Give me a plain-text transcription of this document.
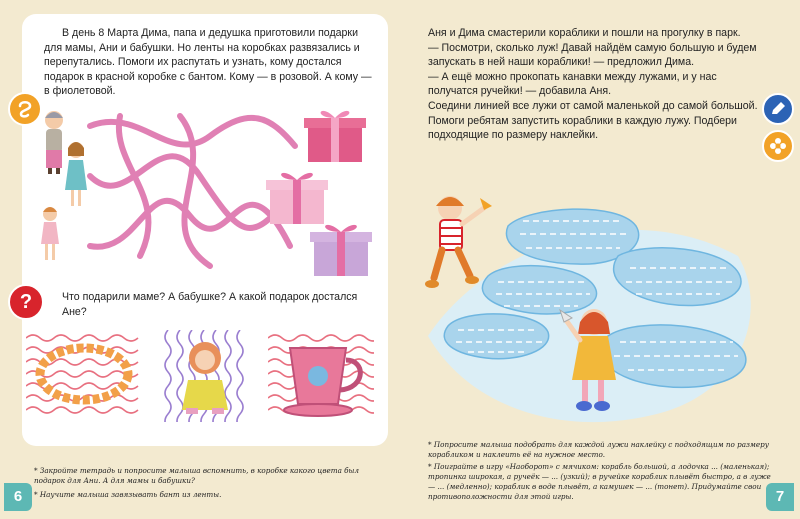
В день 8 Марта Дима, папа и дедушка приготовили подарки для мамы, Ани и бабушки. Но ленты на коробках развязались и перепутались. Помоги их распутать и узнать, кому достался подарок в красной коробке с бантом. Кому — в розовой. А кому — в фиолетовой.

?	Что подарили маме? А бабушке? А какой подарок достался Ане?

* Закройте тетрадь и попросите малыша вспомнить, в коробке какого цвета был подарок для Ани. А для мамы и бабушки?

* Научите малыша завязывать бант из ленты.

6

Аня и Дима смастерили кораблики и пошли на прогулку в парк.
— Посмотри, сколько луж! Давай найдём самую большую и будем запускать в ней наши кораблики! — предложил Дима.
— А ещё можно прокопать канавки между лужами, и у нас получатся ручейки! — добавила Аня.
Соедини линией все лужи от самой маленькой до самой большой.
Помоги ребятам запустить кораблики в каждую лужу. Подбери подходящие по размеру наклейки.

* Попросите малыша подобрать для каждой лужи наклейку с подходящим по размеру корабликом и наклеить её на нужное место.

* Поиграйте в игру «Наоборот» с мячиком: корабль большой, а лодочка ... (маленькая); тропинка широкая, а ручеёк — ... (узкий); в ручейке кораблик плывёт быстро, а в луже — ... (медленно); кораблик в воде плывёт, а камушек — ... (тонет). Придумайте свои противоположности для этой игры.	7
